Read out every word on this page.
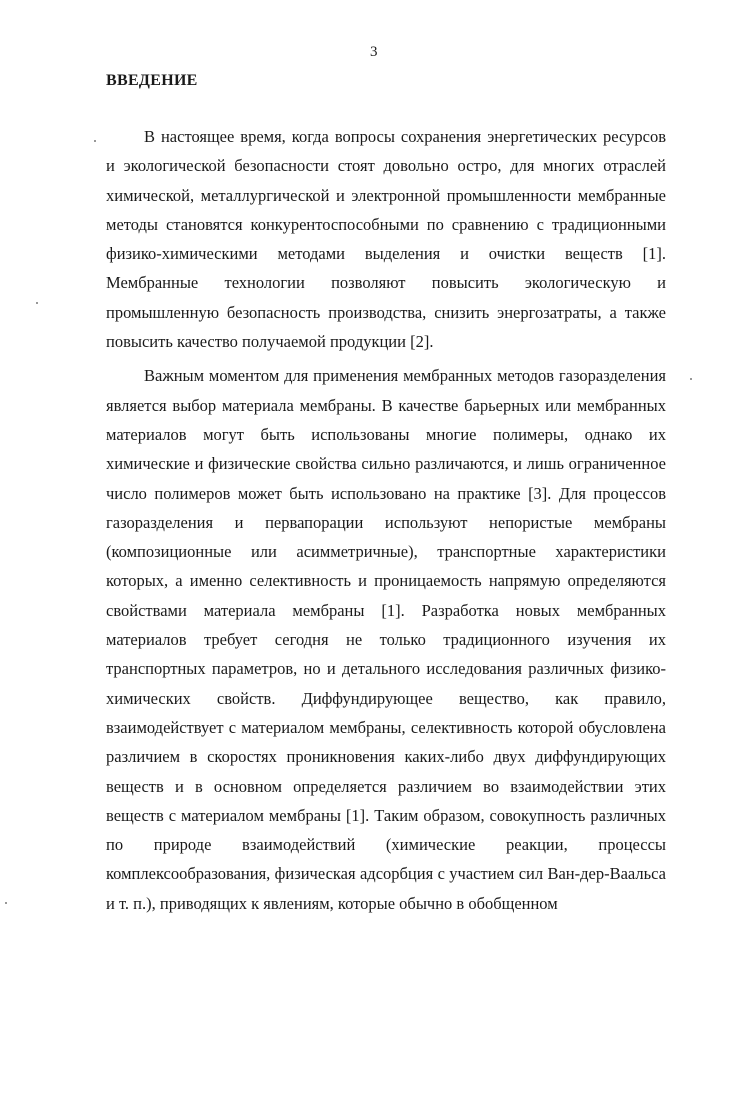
3
ВВЕДЕНИЕ

В настоящее время, когда вопросы сохранения энергетических ресурсов и экологической безопасности стоят довольно остро, для многих отраслей химической, металлургической и электронной промышленности мембранные методы становятся конкурентоспособными по сравнению с традиционными физико-химическими методами выделения и очистки веществ [1]. Мембранные технологии позволяют повысить экологическую и промышленную безопасность производства, снизить энергозатраты, а также повысить качество получаемой продукции [2].

Важным моментом для применения мембранных методов газоразделения является выбор материала мембраны. В качестве барьерных или мембранных материалов могут быть использованы многие полимеры, однако их химические и физические свойства сильно различаются, и лишь ограниченное число полимеров может быть использовано на практике [3]. Для процессов газоразделения и первапорации используют непористые мембраны (композиционные или асимметричные), транспортные характеристики которых, а именно селективность и проницаемость напрямую определяются свойствами материала мембраны [1]. Разработка новых мембранных материалов требует сегодня не только традиционного изучения их транспортных параметров, но и детального исследования различных физико-химических свойств. Диффундирующее вещество, как правило, взаимодействует с материалом мембраны, селективность которой обусловлена различием в скоростях проникновения каких-либо двух диффундирующих веществ и в основном определяется различием во взаимодействии этих веществ с материалом мембраны [1]. Таким образом, совокупность различных по природе взаимодействий (химические реакции, процессы комплексообразования, физическая адсорбция с участием сил Ван-дер-Ваальса и т. п.), приводящих к явлениям, которые обычно в обобщенном
